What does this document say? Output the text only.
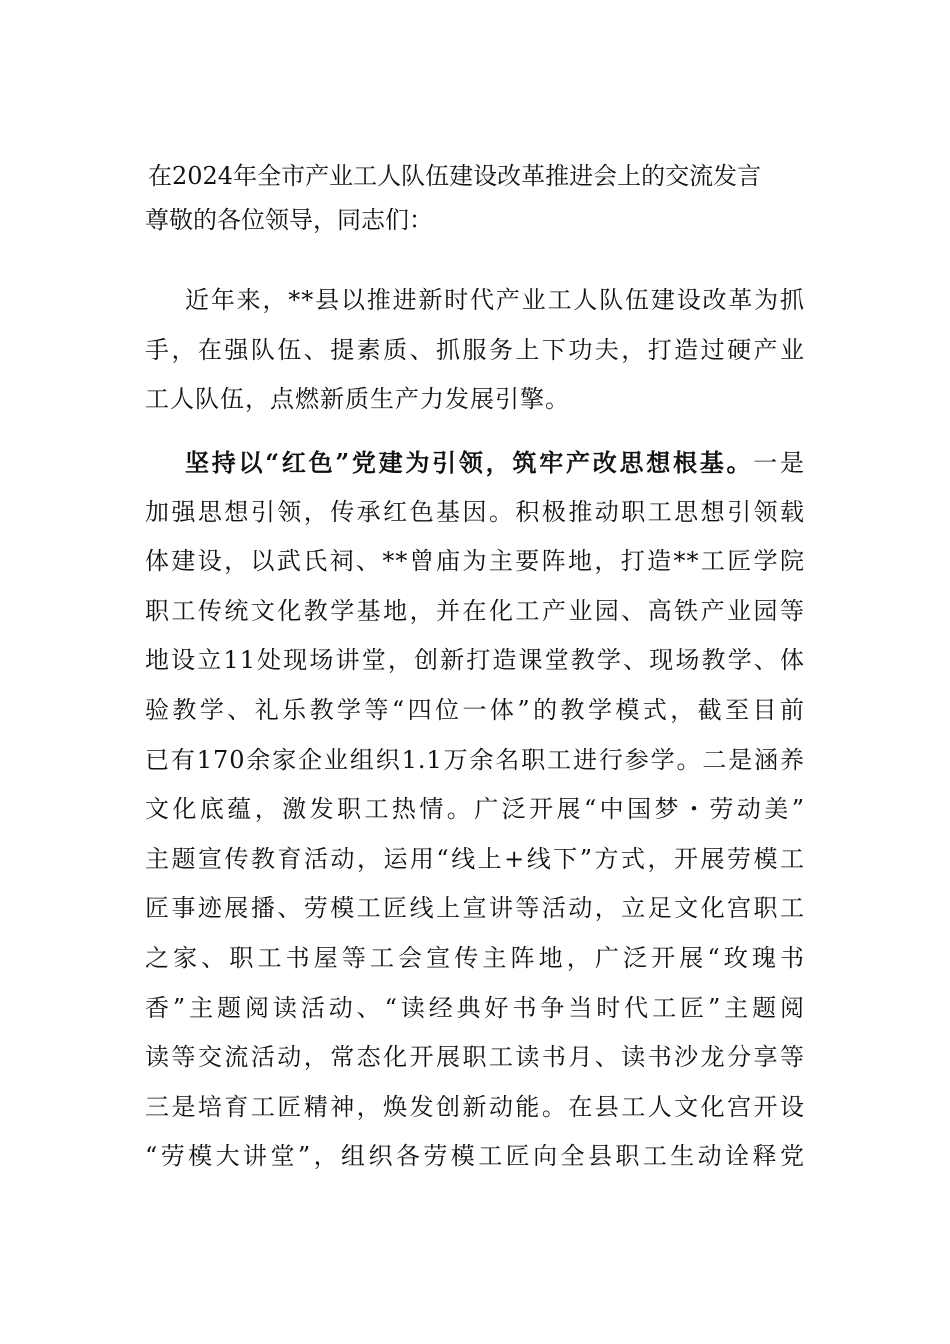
在2024年全市产业工人队伍建设改革推进会上的交流发言
尊敬的各位领导，同志们：
近年来，**县以推进新时代产业工人队伍建设改革为抓
手，在强队伍、提素质、抓服务上下功夫，打造过硬产业
工人队伍，点燃新质生产力发展引擎。
坚持以“红色”党建为引领，筑牢产改思想根基。一是
加强思想引领，传承红色基因。积极推动职工思想引领载
体建设，以武氏祠、**曾庙为主要阵地，打造**工匠学院
职工传统文化教学基地，并在化工产业园、高铁产业园等
地设立11处现场讲堂，创新打造课堂教学、现场教学、体
验教学、礼乐教学等“四位一体”的教学模式，截至目前
已有170余家企业组织1.1万余名职工进行参学。二是涵养
文化底蕴，激发职工热情。广泛开展“中国梦・劳动美”
主题宣传教育活动，运用“线上+线下”方式，开展劳模工
匠事迹展播、劳模工匠线上宣讲等活动，立足文化宫职工
之家、职工书屋等工会宣传主阵地，广泛开展“玫瑰书
香”主题阅读活动、“读经典好书争当时代工匠”主题阅
读等交流活动，常态化开展职工读书月、读书沙龙分享等
三是培育工匠精神，焕发创新动能。在县工人文化宫开设
“劳模大讲堂”，组织各劳模工匠向全县职工生动诠释党
